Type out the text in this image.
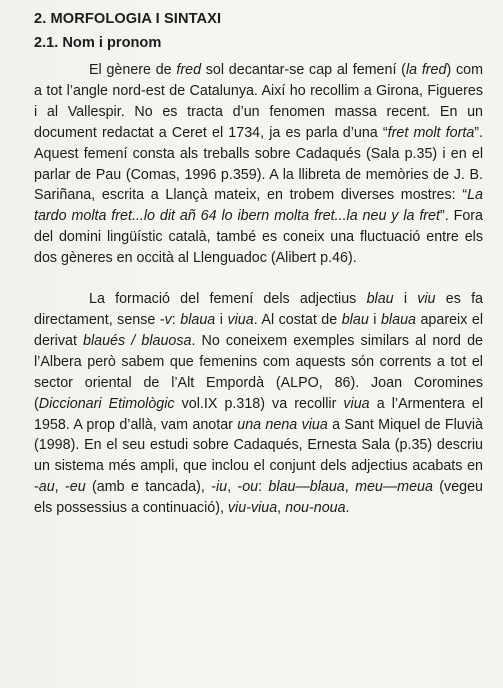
2. MORFOLOGIA I SINTAXI
2.1. Nom i pronom

El gènere de fred sol decantar-se cap al femení (la fred) com a tot l’angle nord-est de Catalunya. Així ho recollim a Girona, Figueres i al Vallespir. No es tracta d’un fenomen massa recent. En un document redactat a Ceret el 1734, ja es parla d’una “fret molt forta”. Aquest femení consta als treballs sobre Cadaqués (Sala p.35) i en el parlar de Pau (Comas, 1996 p.359). A la llibreta de memòries de J. B. Sariñana, escrita a Llançà mateix, en trobem diverses mostres: “La tardo molta fret...lo dit añ 64 lo ibern molta fret...la neu y la fret”. Fora del domini lingüístic català, també es coneix una fluctuació entre els dos gèneres en occità al Llenguadoc (Alibert p.46).

La formació del femení dels adjectius blau i viu es fa directament, sense -v: blaua i viua. Al costat de blau i blaua apareix el derivat blaués / blauosa. No coneixem exemples similars al nord de l’Albera però sabem que femenins com aquests són corrents a tot el sector oriental de l’Alt Empordà (ALPO, 86). Joan Coromines (Diccionari Etimològic vol.IX p.318) va recollir viua a l’Armentera el 1958. A prop d’allà, vam anotar una nena viua a Sant Miquel de Fluvià (1998). En el seu estudi sobre Cadaqués, Ernesta Sala (p.35) descriu un sistema més ampli, que inclou el conjunt dels adjectius acabats en -au, -eu (amb e tancada), -iu, -ou: blau—blaua, meu—meua (vegeu els possessius a continuació), viu-viua, nou-noua.
